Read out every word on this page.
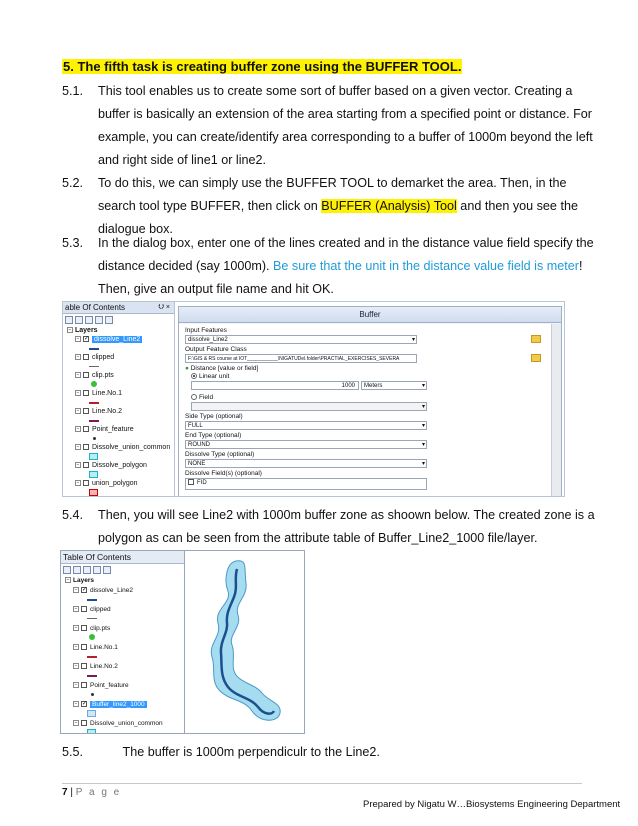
5. The fifth task is creating buffer zone using the BUFFER TOOL.
5.1. This tool enables us to create some sort of buffer based on a given vector. Creating a buffer is basically an extension of the area starting from a specified point or distance. For example, you can create/identify area corresponding to a buffer of 1000m beyond the left and right side of line1 or line2.
5.2. To do this, we can simply use the BUFFER TOOL to demarket the area. Then, in the search tool type BUFFER, then click on BUFFER (Analysis) Tool and then you see the dialogue box.
5.3. In the dialog box, enter one of the lines created and in the distance value field specify the distance decided (say 1000m). Be sure that the unit in the distance value field is meter! Then, give an output file name and hit OK.
able Of Contents	⮋ ×
− Layers
− ✓ dissolve_Line2
− clipped
− clip.pts
− Line.No.1
− Line.No.2
− Point_feature
− Dissolve_union_common
− Dissolve_polygon
− union_polygon
Buffer
Input Features
dissolve_Line2	▾
Output Feature Class
F:\GIS & RS course at IOT___________\NIGATUDel.folder\PRACTIAL_EXERCISES_SEVERA
● Distance [value or field]
Linear unit
1000	Meters	▾
Field
▾
Side Type (optional)
FULL	▾
End Type (optional)
ROUND	▾
Dissolve Type (optional)
NONE	▾
Dissolve Field(s) (optional)
FID
5.4. Then, you will see Line2 with 1000m buffer zone as shoown below. The created zone is a polygon as can be seen from the attribute table of Buffer_Line2_1000 file/layer.
Table Of Contents
− Layers
− ✓ dissolve_Line2
− clipped
− clip.pts
− Line.No.1
− Line.No.2
− Point_feature
− ✓ Buffer_line2_1000
− Dissolve_union_common
5.5.	The buffer is 1000m perpendiculr to the Line2.
7 | P a g e
Prepared by Nigatu W…Biosystems Engineering Department
